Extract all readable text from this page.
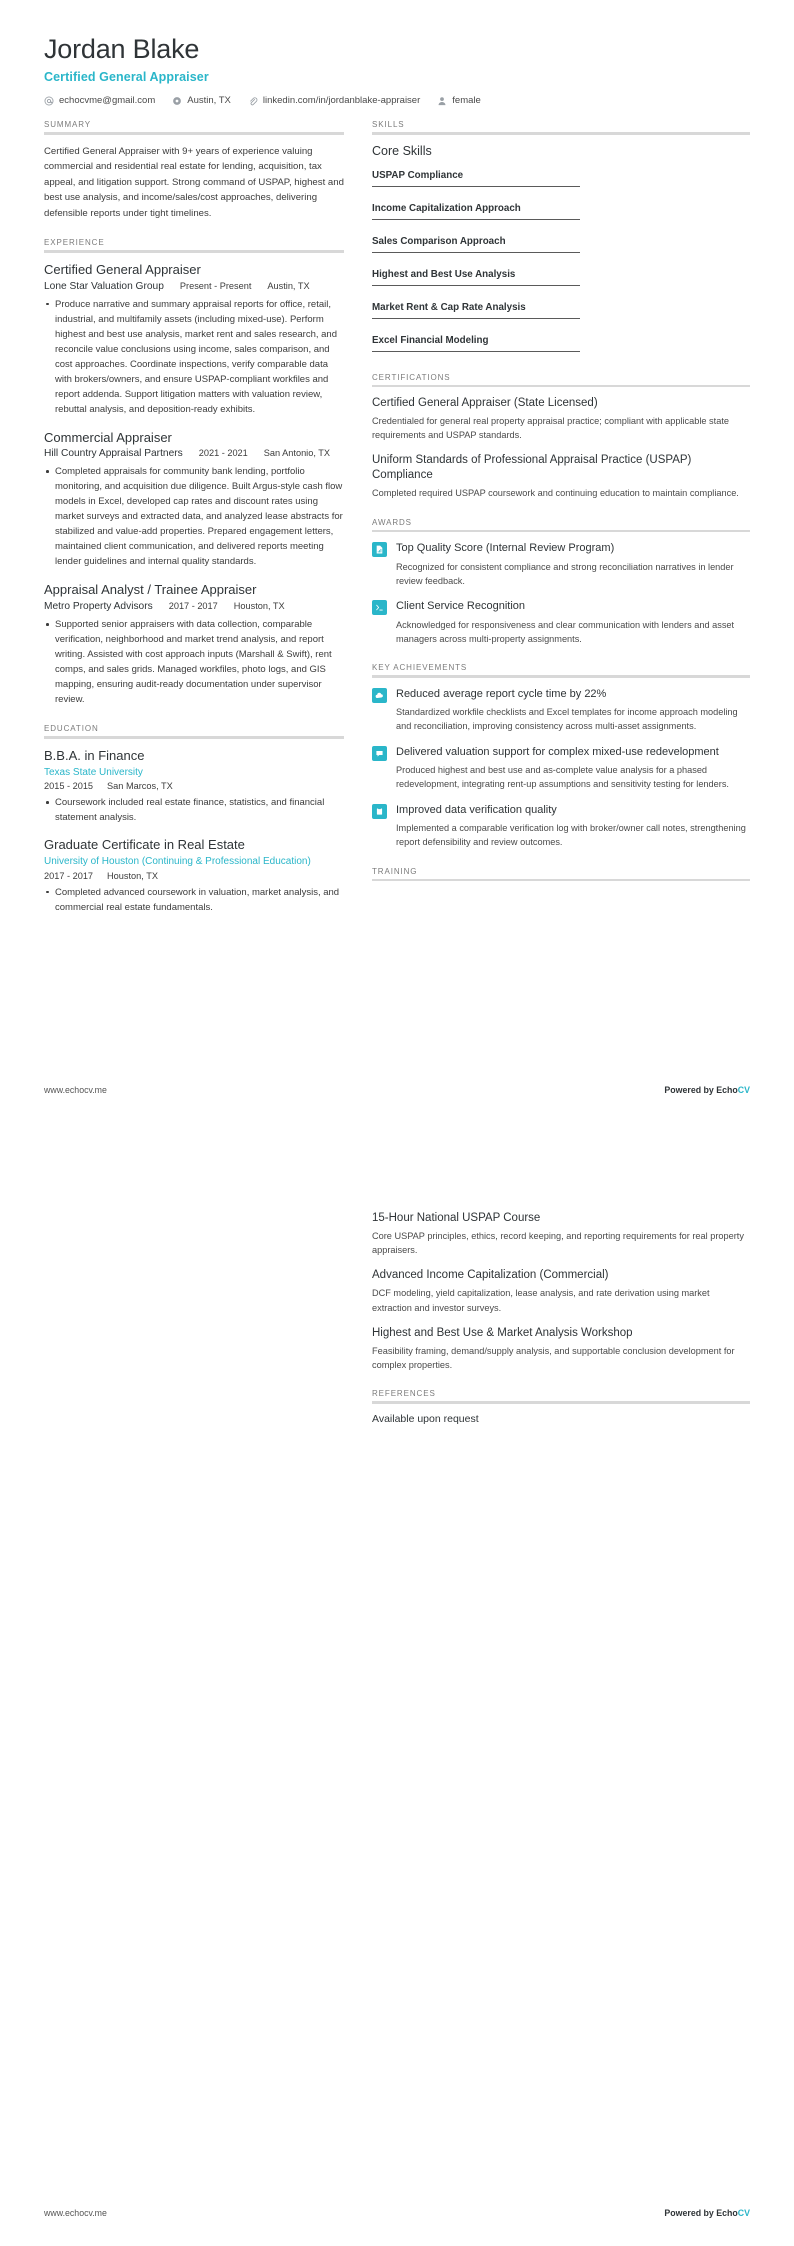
Jordan Blake
Certified General Appraiser
echocvme@gmail.com	Austin, TX	linkedin.com/in/jordanblake-appraiser	female
SUMMARY
Certified General Appraiser with 9+ years of experience valuing commercial and residential real estate for lending, acquisition, tax appeal, and litigation support. Strong command of USPAP, highest and best use analysis, and income/sales/cost approaches, delivering defensible reports under tight timelines.
EXPERIENCE
Certified General Appraiser
Lone Star Valuation Group Present - Present Austin, TX
Produce narrative and summary appraisal reports for office, retail, industrial, and multifamily assets (including mixed-use). Perform highest and best use analysis, market rent and sales research, and reconcile value conclusions using income, sales comparison, and cost approaches. Coordinate inspections, verify comparable data with brokers/owners, and ensure USPAP-compliant workfiles and report addenda. Support litigation matters with valuation review, rebuttal analysis, and deposition-ready exhibits.
Commercial Appraiser
Hill Country Appraisal Partners 2021 - 2021 San Antonio, TX
Completed appraisals for community bank lending, portfolio monitoring, and acquisition due diligence. Built Argus-style cash flow models in Excel, developed cap rates and discount rates using market surveys and extracted data, and analyzed lease abstracts for stabilized and value-add properties. Prepared engagement letters, maintained client communication, and delivered reports meeting lender guidelines and internal quality standards.
Appraisal Analyst / Trainee Appraiser
Metro Property Advisors 2017 - 2017 Houston, TX
Supported senior appraisers with data collection, comparable verification, neighborhood and market trend analysis, and report writing. Assisted with cost approach inputs (Marshall & Swift), rent comps, and sales grids. Managed workfiles, photo logs, and GIS mapping, ensuring audit-ready documentation under supervisor review.
EDUCATION
B.B.A. in Finance
Texas State University
2015 - 2015 San Marcos, TX
Coursework included real estate finance, statistics, and financial statement analysis.
Graduate Certificate in Real Estate
University of Houston (Continuing & Professional Education)
2017 - 2017 Houston, TX
Completed advanced coursework in valuation, market analysis, and commercial real estate fundamentals.
SKILLS
Core Skills
USPAP Compliance
Income Capitalization Approach
Sales Comparison Approach
Highest and Best Use Analysis
Market Rent & Cap Rate Analysis
Excel Financial Modeling
CERTIFICATIONS
Certified General Appraiser (State Licensed)
Credentialed for general real property appraisal practice; compliant with applicable state requirements and USPAP standards.
Uniform Standards of Professional Appraisal Practice (USPAP) Compliance
Completed required USPAP coursework and continuing education to maintain compliance.
AWARDS
Top Quality Score (Internal Review Program)
Recognized for consistent compliance and strong reconciliation narratives in lender review feedback.
Client Service Recognition
Acknowledged for responsiveness and clear communication with lenders and asset managers across multi-property assignments.
KEY ACHIEVEMENTS
Reduced average report cycle time by 22%
Standardized workfile checklists and Excel templates for income approach modeling and reconciliation, improving consistency across multi-asset assignments.
Delivered valuation support for complex mixed-use redevelopment
Produced highest and best use and as-complete value analysis for a phased redevelopment, integrating rent-up assumptions and sensitivity testing for lenders.
Improved data verification quality
Implemented a comparable verification log with broker/owner call notes, strengthening report defensibility and review outcomes.
TRAINING
www.echocv.me	Powered by EchoCV
15-Hour National USPAP Course
Core USPAP principles, ethics, record keeping, and reporting requirements for real property appraisers.
Advanced Income Capitalization (Commercial)
DCF modeling, yield capitalization, lease analysis, and rate derivation using market extraction and investor surveys.
Highest and Best Use & Market Analysis Workshop
Feasibility framing, demand/supply analysis, and supportable conclusion development for complex properties.
REFERENCES
Available upon request
www.echocv.me	Powered by EchoCV
